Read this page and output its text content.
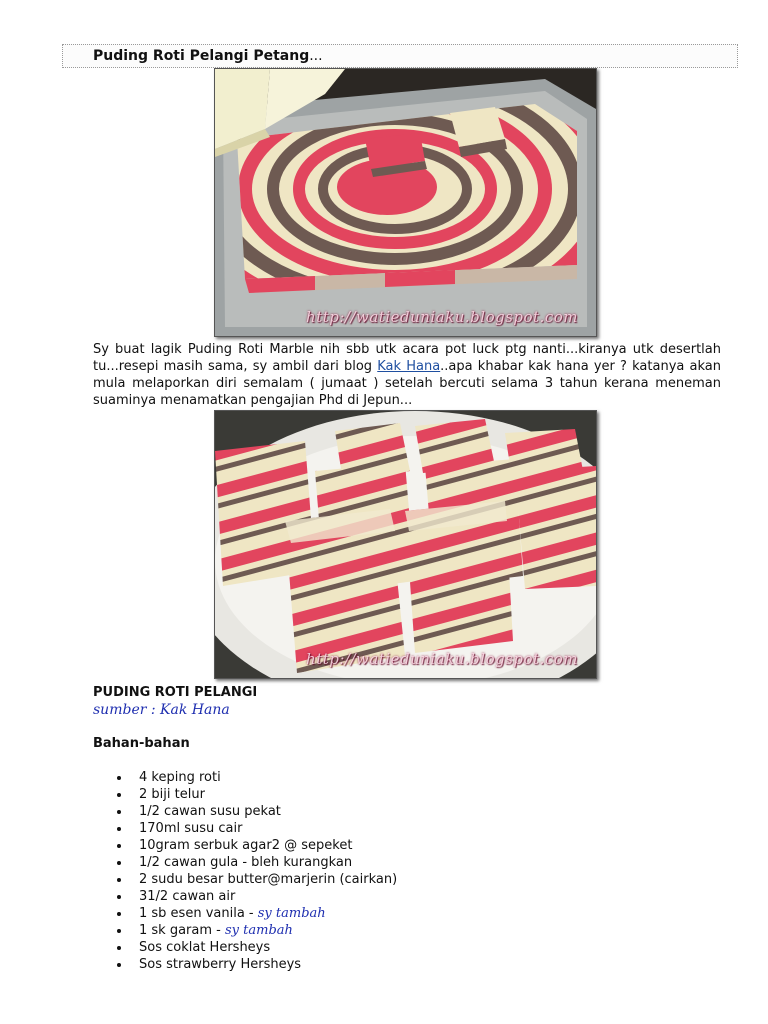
Puding Roti Pelangi Petang...
http://watieduniaku.blogspot.com

Sy buat lagik Puding Roti Marble nih sbb utk acara pot luck ptg nanti...kiranya utk desertlah tu...resepi masih sama, sy ambil dari blog Kak Hana..apa khabar kak hana yer ? katanya akan mula melaporkan diri semalam ( jumaat ) setelah bercuti selama 3 tahun kerana meneman suaminya menamatkan pengajian Phd di Jepun...

http://watieduniaku.blogspot.com
PUDING ROTI PELANGI
sumber : Kak Hana
Bahan-bahan
4 keping roti
2 biji telur
1/2 cawan susu pekat
170ml susu cair
10gram serbuk agar2 @ sepeket
1/2 cawan gula - bleh kurangkan
2 sudu besar butter@marjerin (cairkan)
31/2 cawan air
1 sb esen vanila - sy tambah
1 sk garam - sy tambah
Sos coklat Hersheys
Sos strawberry Hersheys
